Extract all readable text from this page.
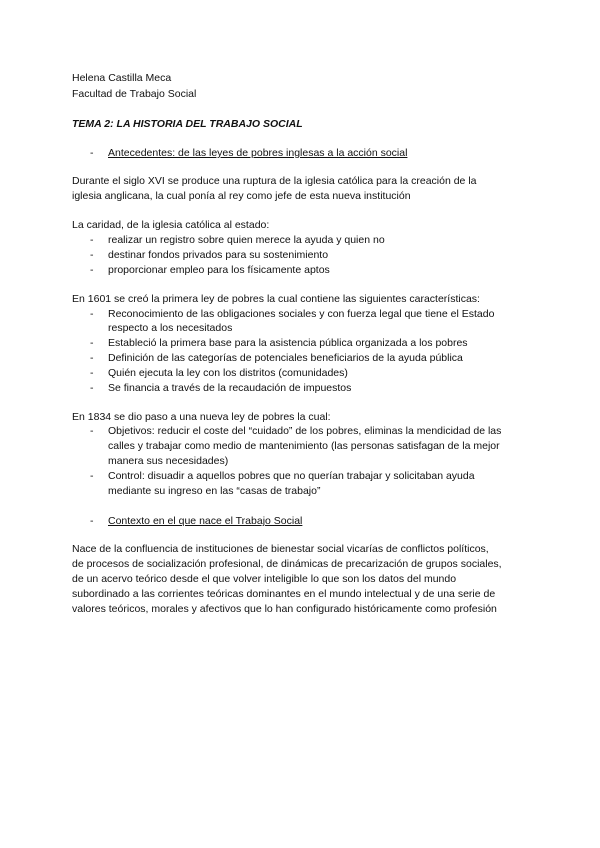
Helena Castilla Meca
Facultad de Trabajo Social
TEMA 2: LA HISTORIA DEL TRABAJO SOCIAL
- Antecedentes: de las leyes de pobres inglesas a la acción social
Durante el siglo XVI se produce una ruptura de la iglesia católica para la creación de la
iglesia anglicana, la cual ponía al rey como jefe de esta nueva institución
La caridad, de la iglesia católica al estado:
- realizar un registro sobre quien merece la ayuda y quien no
- destinar fondos privados para su sostenimiento
- proporcionar empleo para los físicamente aptos
En 1601 se creó la primera ley de pobres la cual contiene las siguientes características:
- Reconocimiento de las obligaciones sociales y con fuerza legal que tiene el Estado
respecto a los necesitados
- Estableció la primera base para la asistencia pública organizada a los pobres
- Definición de las categorías de potenciales beneficiarios de la ayuda pública
- Quién ejecuta la ley con los distritos (comunidades)
- Se financia a través de la recaudación de impuestos
En 1834 se dio paso a una nueva ley de pobres la cual:
- Objetivos: reducir el coste del “cuidado” de los pobres, eliminas la mendicidad de las
calles y trabajar como medio de mantenimiento (las personas satisfagan de la mejor
manera sus necesidades)
- Control: disuadir a aquellos pobres que no querían trabajar y solicitaban ayuda
mediante su ingreso en las “casas de trabajo”
- Contexto en el que nace el Trabajo Social
Nace de la confluencia de instituciones de bienestar social vicarías de conflictos políticos,
de procesos de socialización profesional, de dinámicas de precarización de grupos sociales,
de un acervo teórico desde el que volver inteligible lo que son los datos del mundo
subordinado a las corrientes teóricas dominantes en el mundo intelectual y de una serie de
valores teóricos, morales y afectivos que lo han configurado históricamente como profesión
